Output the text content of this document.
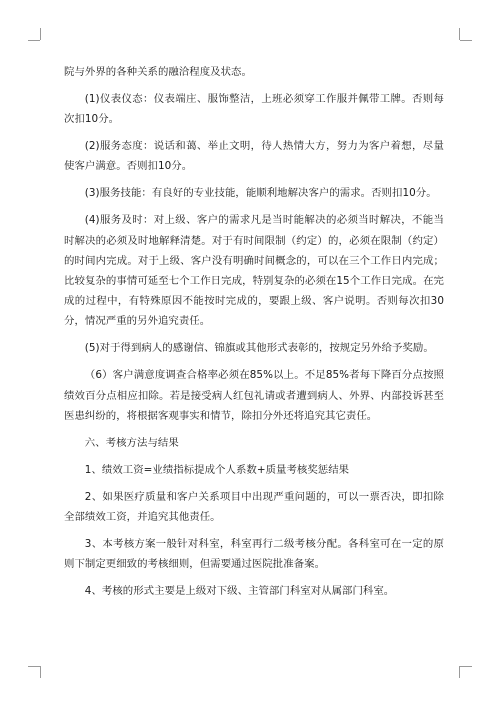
院与外界的各种关系的融洽程度及状态。

(1)仪表仪态：仪表端庄、服饰整洁，上班必须穿工作服并佩带工牌。否则每次扣10分。

(2)服务态度：说话和蔼、举止文明，待人热情大方，努力为客户着想，尽量使客户满意。否则扣10分。

(3)服务技能：有良好的专业技能，能顺利地解决客户的需求。否则扣10分。

(4)服务及时：对上级、客户的需求凡是当时能解决的必须当时解决，不能当时解决的必须及时地解释清楚。对于有时间限制（约定）的，必须在限制（约定）的时间内完成。对于上级、客户没有明确时间概念的，可以在三个工作日内完成；比较复杂的事情可延至七个工作日完成，特别复杂的必须在15个工作日完成。在完成的过程中，有特殊原因不能按时完成的，要跟上级、客户说明。否则每次扣30分，情况严重的另外追究责任。

(5)对于得到病人的感谢信、锦旗或其他形式表彰的，按规定另外给予奖励。

（6）客户满意度调查合格率必须在85%以上。不足85%者每下降百分点按照绩效百分点相应扣除。若是接受病人红包礼请或者遭到病人、外界、内部投诉甚至医患纠纷的，将根据客观事实和情节，除扣分外还将追究其它责任。

六、考核方法与结果

1、绩效工资=业绩指标提成个人系数+质量考核奖惩结果

2、如果医疗质量和客户关系项目中出现严重问题的，可以一票否决，即扣除全部绩效工资，并追究其他责任。

3、本考核方案一般针对科室，科室再行二级考核分配。各科室可在一定的原则下制定更细致的考核细则，但需要通过医院批准备案。

4、考核的形式主要是上级对下级、主管部门科室对从属部门科室。
